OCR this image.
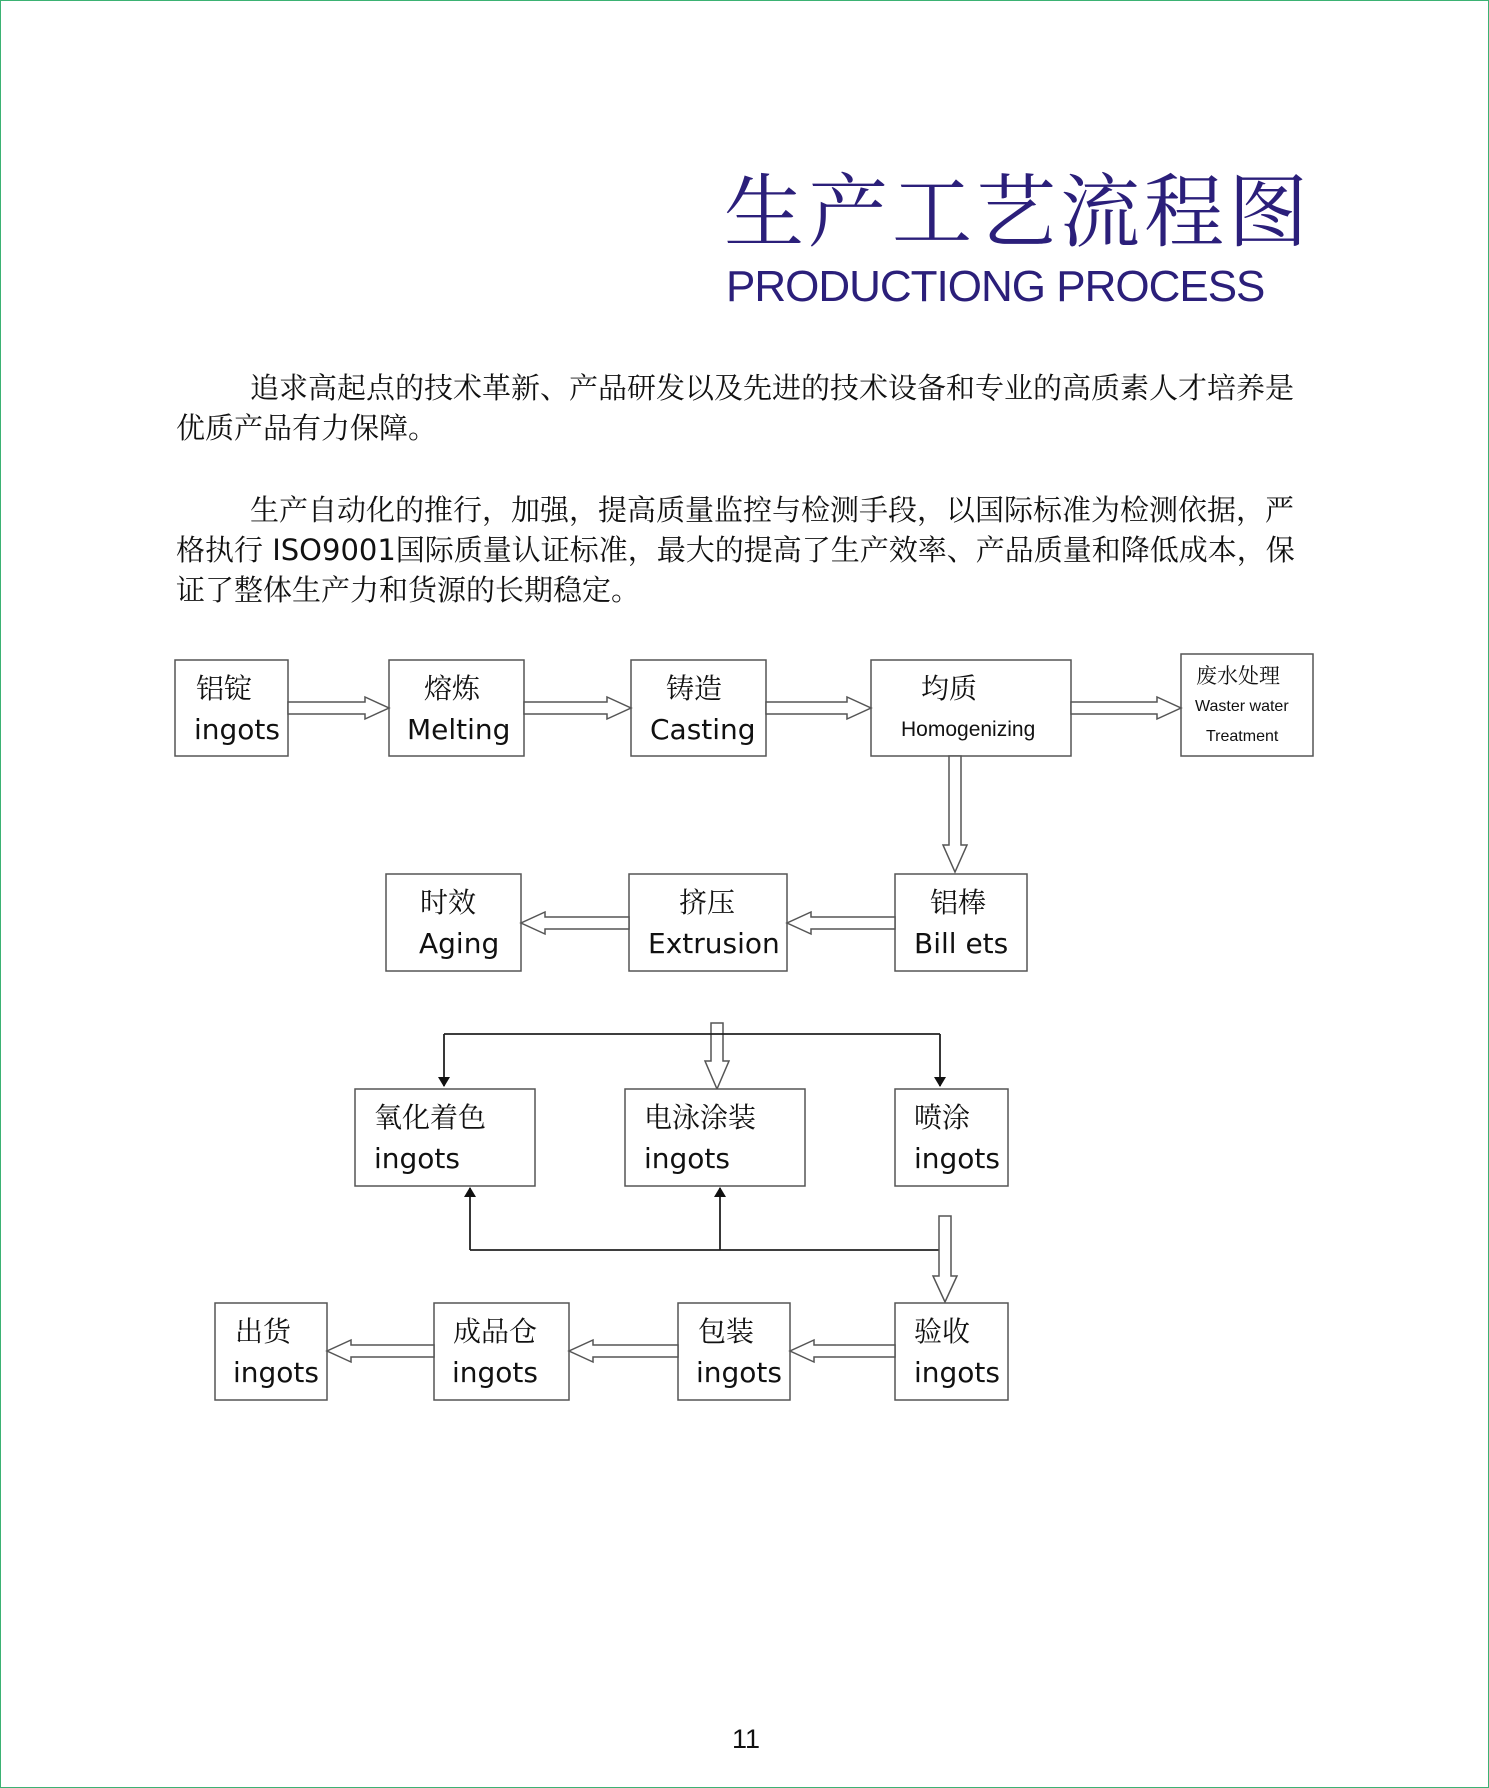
生产工艺流程图
PRODUCTIONG PROCESS

追求高起点的技术革新、产品研发以及先进的技术设备和专业的高质素人才培养是优质产品有力保障。

生产自动化的推行，加强，提高质量监控与检测手段，以国际标准为检测依据，严格执行 ISO9001国际质量认证标准，最大的提高了生产效率、产品质量和降低成本，保证了整体生产力和货源的长期稳定。

铝锭
ingots
熔炼
Melting
铸造
Casting
均质
Homogenizing
废水处理
Waster water
Treatment
时效
Aging
挤压
Extrusion
铝棒
Bill ets
氧化着色
ingots
电泳涂装
ingots
喷涂
ingots
出货
ingots
成品仓
ingots
包装
ingots
验收
ingots
11
